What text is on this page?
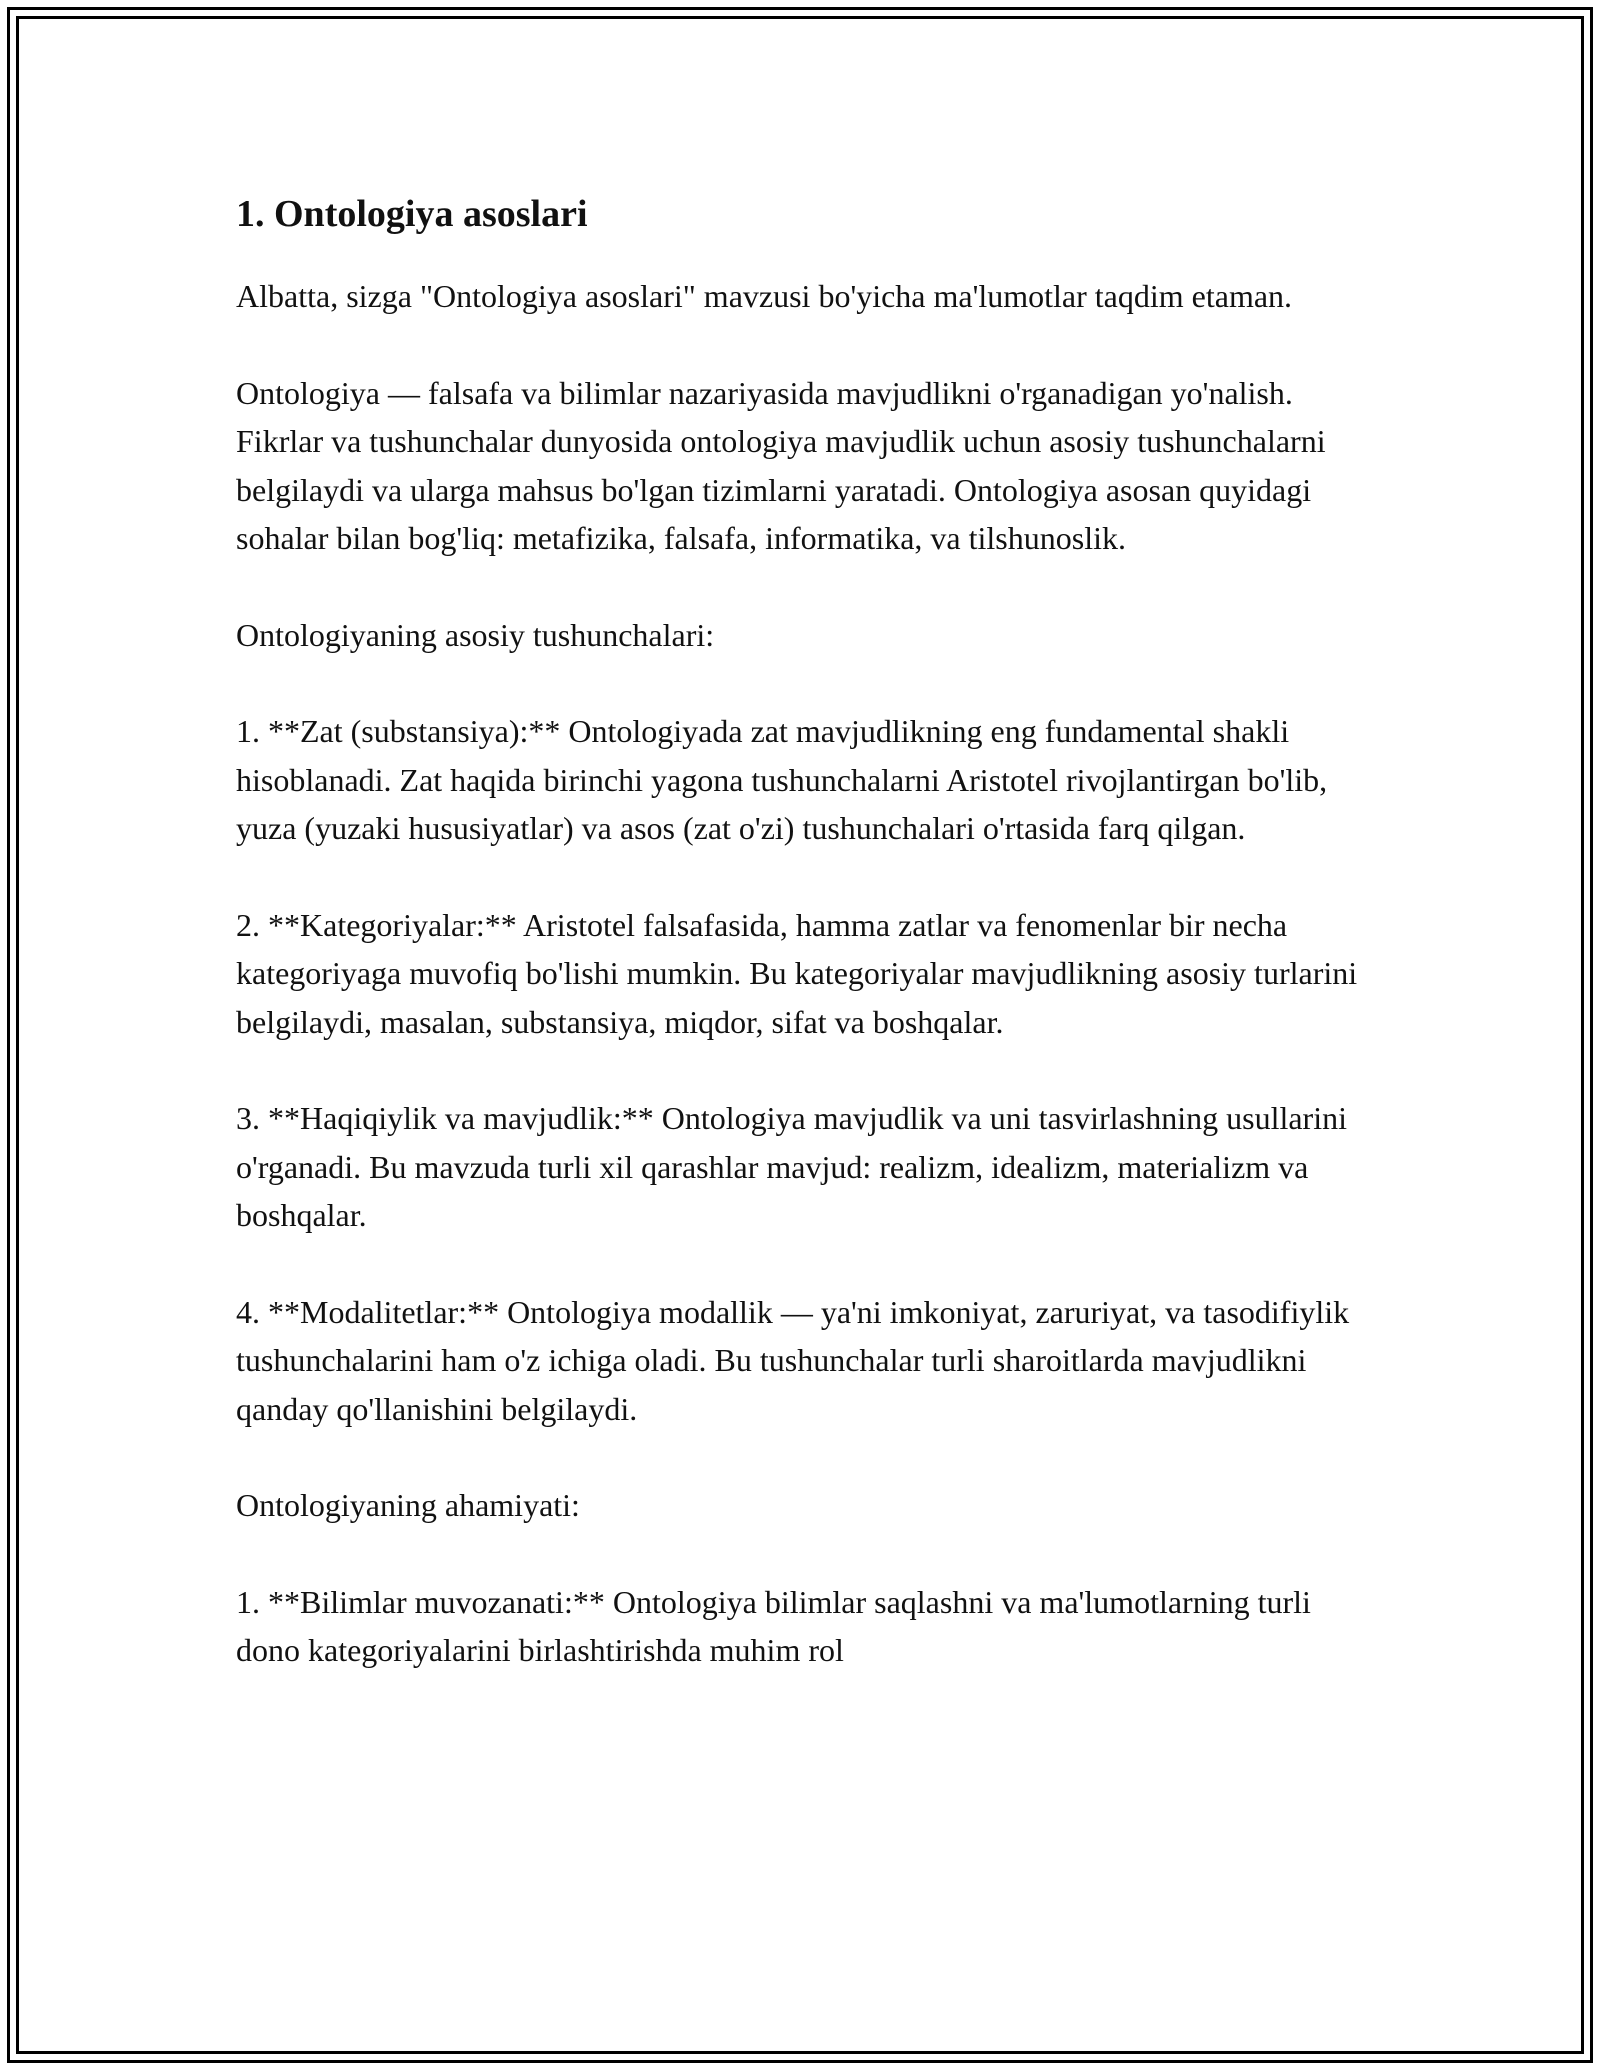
1. Ontologiya asoslari

Albatta, sizga "Ontologiya asoslari" mavzusi bo'yicha ma'lumotlar taqdim etaman.

Ontologiya — falsafa va bilimlar nazariyasida mavjudlikni o'rganadigan yo'nalish. Fikrlar va tushunchalar dunyosida ontologiya mavjudlik uchun asosiy tushunchalarni belgilaydi va ularga mahsus bo'lgan tizimlarni yaratadi. Ontologiya asosan quyidagi sohalar bilan bog'liq: metafizika, falsafa, informatika, va tilshunoslik.

Ontologiyaning asosiy tushunchalari:

1. **Zat (substansiya):** Ontologiyada zat mavjudlikning eng fundamental shakli hisoblanadi. Zat haqida birinchi yagona tushunchalarni Aristotel rivojlantirgan bo'lib, yuza (yuzaki hususiyatlar) va asos (zat o'zi) tushunchalari o'rtasida farq qilgan.

2. **Kategoriyalar:** Aristotel falsafasida, hamma zatlar va fenomenlar bir necha kategoriyaga muvofiq bo'lishi mumkin. Bu kategoriyalar mavjudlikning asosiy turlarini belgilaydi, masalan, substansiya, miqdor, sifat va boshqalar.

3. **Haqiqiylik va mavjudlik:** Ontologiya mavjudlik va uni tasvirlashning usullarini o'rganadi. Bu mavzuda turli xil qarashlar mavjud: realizm, idealizm, materializm va boshqalar.

4. **Modalitetlar:** Ontologiya modallik — ya'ni imkoniyat, zaruriyat, va tasodifiylik tushunchalarini ham o'z ichiga oladi. Bu tushunchalar turli sharoitlarda mavjudlikni qanday qo'llanishini belgilaydi.

Ontologiyaning ahamiyati:

1. **Bilimlar muvozanati:** Ontologiya bilimlar saqlashni va ma'lumotlarning turli dono kategoriyalarini birlashtirishda muhim rol
